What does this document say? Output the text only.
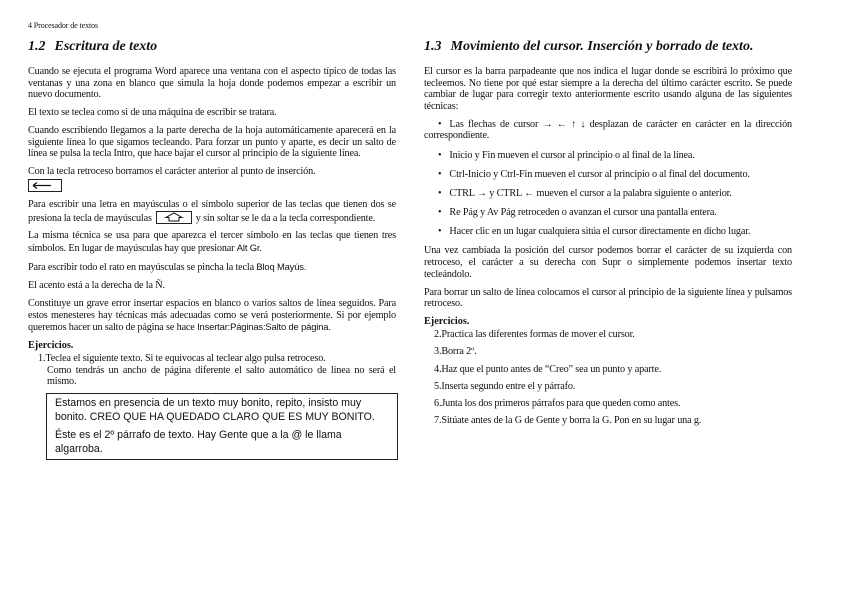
4 Procesador de textos
1.2 Escritura de texto

Cuando se ejecuta el programa Word aparece una ventana con el aspecto típico de todas las ventanas y una zona en blanco que simula la hoja donde podemos empezar a escribir un nuevo documento.

El texto se teclea como si de una máquina de escribir se tratara.

Cuando escribiendo llegamos a la parte derecha de la hoja automáticamente aparecerá en la siguiente línea lo que sigamos tecleando. Para forzar un punto y aparte, es decir un salto de línea se pulsa la tecla Intro, que hace bajar el cursor al principio de la siguiente línea.

Con la tecla retroceso borramos el carácter anterior al punto de inserción.

Para escribir una letra en mayúsculas o el símbolo superior de las teclas que tienen dos se presiona la tecla de mayúsculas	y sin soltar se le da a la tecla correspondiente.

La misma técnica se usa para que aparezca el tercer símbolo en las teclas que tienen tres símbolos. En lugar de mayúsculas hay que presionar Alt Gr.

Para escribir todo el rato en mayúsculas se pincha la tecla Bloq Mayús.

El acento está a la derecha de la Ñ.

Constituye un grave error insertar espacios en blanco o varios saltos de línea seguidos. Para estos menesteres hay técnicas más adecuadas como se verá posteriormente. Si por ejemplo queremos hacer un salto de página se hace Insertar:Páginas:Salto de página.

Ejercicios.
1.Teclea el siguiente texto. Si te equivocas al teclear algo pulsa retroceso.
Como tendrás un ancho de página diferente el salto automático de línea no será el mismo.

Estamos en presencia de un texto muy bonito, repito, insisto muy bonito. CREO QUE HA QUEDADO CLARO QUE ES MUY BONITO.

Éste es el 2º párrafo de texto. Hay Gente que a la @ le llama algarroba.

1.3 Movimiento del cursor. Inserción y borrado de texto.

El cursor es la barra parpadeante que nos indica el lugar donde se escribirá lo próximo que tecleemos. No tiene por qué estar siempre a la derecha del último carácter escrito. Se puede cambiar de lugar para corregir texto anteriormente escrito usando alguna de las siguientes técnicas:

• Las flechas de cursor → ← ↑ ↓ desplazan de carácter en carácter en la dirección correspondiente.
• Inicio y Fin mueven el cursor al principio o al final de la línea.
• Ctrl-Inicio y Ctrl-Fin mueven el cursor al principio o al final del documento.
• CTRL → y CTRL ← mueven el cursor a la palabra siguiente o anterior.
• Re Pág y Av Pág retroceden o avanzan el cursor una pantalla entera.
• Hacer clic en un lugar cualquiera sitúa el cursor directamente en dicho lugar.

Una vez cambiada la posición del cursor podemos borrar el carácter de su izquierda con retroceso, el carácter a su derecha con Supr o simplemente podemos insertar texto tecleándolo.

Para borrar un salto de línea colocamos el cursor al principio de la siguiente línea y pulsamos retroceso.

Ejercicios.
2.Practica las diferentes formas de mover el cursor.
3.Borra 2º.
4.Haz que el punto antes de “Creo” sea un punto y aparte.
5.Inserta segundo entre el y párrafo.
6.Junta los dos primeros párrafos para que queden como antes.
7.Sitúate antes de la G de Gente y borra la G. Pon en su lugar una g.
